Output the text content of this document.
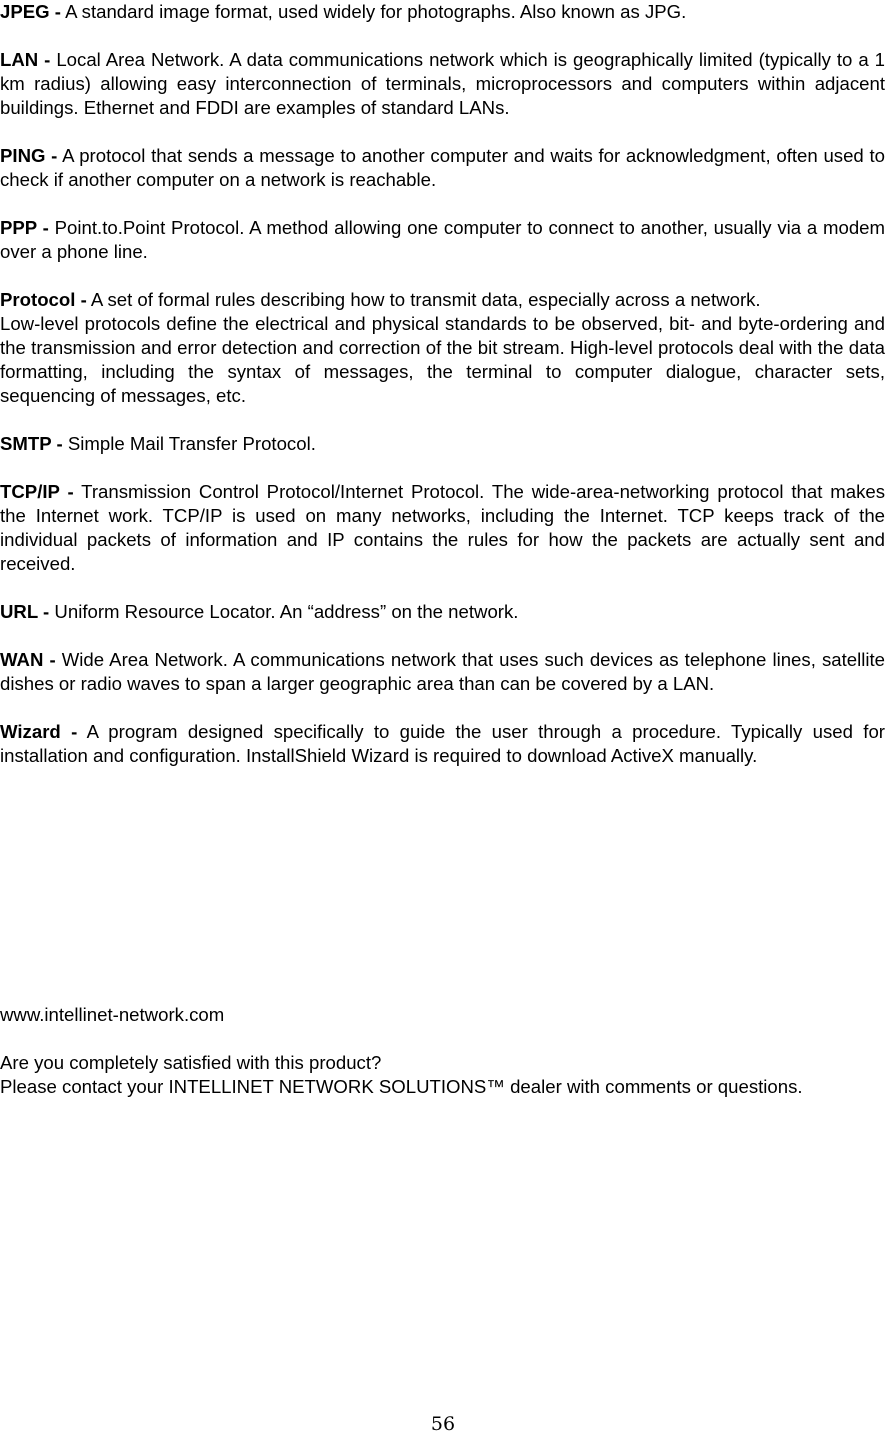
JPEG - A standard image format, used widely for photographs. Also known as JPG.

LAN - Local Area Network. A data communications network which is geographically limited (typically to a 1 km radius) allowing easy interconnection of terminals, microprocessors and computers within adjacent buildings. Ethernet and FDDI are examples of standard LANs.

PING - A protocol that sends a message to another computer and waits for acknowledgment, often used to check if another computer on a network is reachable.

PPP - Point.to.Point Protocol. A method allowing one computer to connect to another, usually via a modem over a phone line.

Protocol - A set of formal rules describing how to transmit data, especially across a network.
Low-level protocols define the electrical and physical standards to be observed, bit- and byte-ordering and the transmission and error detection and correction of the bit stream. High-level protocols deal with the data formatting, including the syntax of messages, the terminal to computer dialogue, character sets, sequencing of messages, etc.

SMTP - Simple Mail Transfer Protocol.

TCP/IP - Transmission Control Protocol/Internet Protocol. The wide-area-networking protocol that makes the Internet work. TCP/IP is used on many networks, including the Internet. TCP keeps track of the individual packets of information and IP contains the rules for how the packets are actually sent and received.

URL - Uniform Resource Locator. An “address” on the network.

WAN - Wide Area Network. A communications network that uses such devices as telephone lines, satellite dishes or radio waves to span a larger geographic area than can be covered by a LAN.

Wizard - A program designed specifically to guide the user through a procedure. Typically used for installation and configuration. InstallShield Wizard is required to download ActiveX manually.

www.intellinet-network.com

Are you completely satisfied with this product?

Please contact your INTELLINET NETWORK SOLUTIONS™ dealer with comments or questions.

56
